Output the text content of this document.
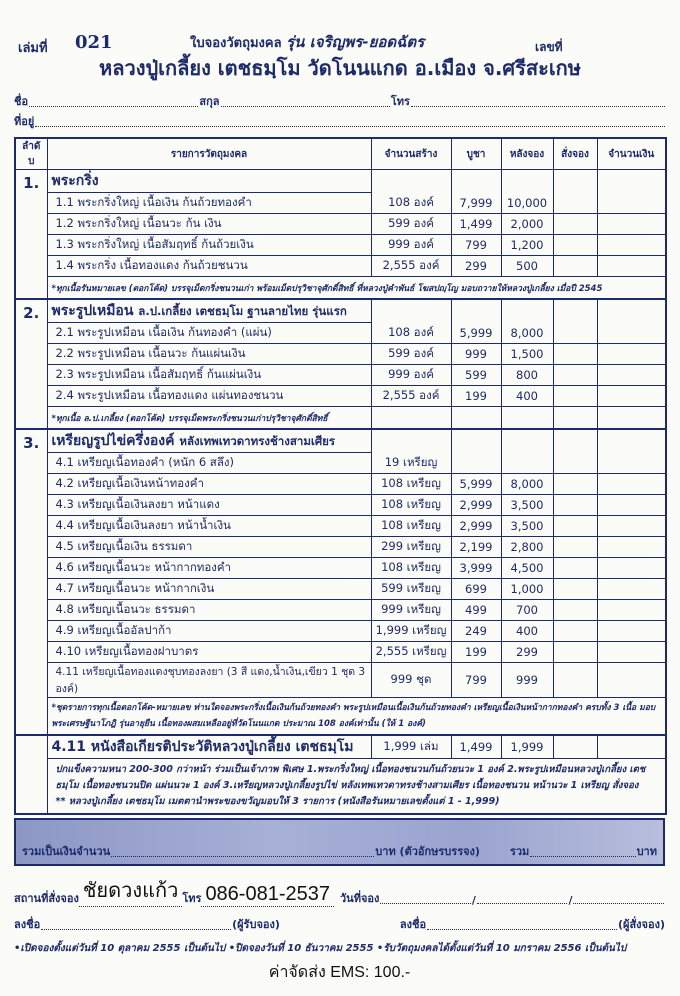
เล่มที่ 021	ใบจองวัตถุมงคล รุ่น เจริญพร-ยอดฉัตร	เลขที่
หลวงปู่เกลี้ยง เตชธมฺโม วัดโนนแกด อ.เมือง จ.ศรีสะเกษ
ชื่อ	สกุล	โทร
ที่อยู่
ลำดับ	รายการวัตถุมงคล	จำนวนสร้าง	บูชา	หลังจอง	สั่งจอง	จำนวนเงิน
1.	พระกริ่ง					
	1.1 พระกริ่งใหญ่ เนื้อเงิน ก้นถ้วยทองคำ	108 องค์	7,999	10,000		
	1.2 พระกริ่งใหญ่ เนื้อนวะ ก้น เงิน	599 องค์	1,499	2,000		
	1.3 พระกริ่งใหญ่ เนื้อสัมฤทธิ์ ก้นถ้วยเงิน	999 องค์	799	1,200		
	1.4 พระกริ่ง เนื้อทองแดง ก้นถ้วยชนวน	2,555 องค์	299	500		
	*ทุกเนื้อรันหมายเลข (ตอกโค้ด) บรรจุเม็ดกริ่งชนวนเก่า พร้อมเม็ดปรุวิชาจุศักดิ์สิทธิ์ ที่หลวงปู่คำพันธ์ โฆสปญฺโญ มอบถวายให้หลวงปู่เกลี้ยง เมื่อปี 2545					
2.	พระรูปเหมือน ล.ป.เกลี้ยง เตชธมฺโม ฐานลายไทย รุ่นแรก					
	2.1 พระรูปเหมือน เนื้อเงิน ก้นทองคำ (แผ่น)	108 องค์	5,999	8,000		
	2.2 พระรูปเหมือน เนื้อนวะ ก้นแผ่นเงิน	599 องค์	999	1,500		
	2.3 พระรูปเหมือน เนื้อสัมฤทธิ์ ก้นแผ่นเงิน	999 องค์	599	800		
	2.4 พระรูปเหมือน เนื้อทองแดง แผ่นทองชนวน	2,555 องค์	199	400		
	*ทุกเนื้อ ล.ป.เกลี้ยง (ตอกโค้ด) บรรจุเม็ดพระกริ่งชนวนเก่าปรุวิชาจุศักดิ์สิทธิ์					
3.	เหรียญรูปไข่ครึ่งองค์ หลังเทพเทวดาทรงช้างสามเศียร					
	4.1 เหรียญเนื้อทองคำ (หนัก 6 สลึง)	19 เหรียญ				
	4.2 เหรียญเนื้อเงินหน้าทองคำ	108 เหรียญ	5,999	8,000		
	4.3 เหรียญเนื้อเงินลงยา หน้าแดง	108 เหรียญ	2,999	3,500		
	4.4 เหรียญเนื้อเงินลงยา หน้าน้ำเงิน	108 เหรียญ	2,999	3,500		
	4.5 เหรียญเนื้อเงิน ธรรมดา	299 เหรียญ	2,199	2,800		
	4.6 เหรียญเนื้อนวะ หน้ากากทองคำ	108 เหรียญ	3,999	4,500		
	4.7 เหรียญเนื้อนวะ หน้ากากเงิน	599 เหรียญ	699	1,000		
	4.8 เหรียญเนื้อนวะ ธรรมดา	999 เหรียญ	499	700		
	4.9 เหรียญเนื้ออัลปาก้า	1,999 เหรียญ	249	400		
	4.10 เหรียญเนื้อทองฝาบาตร	2,555 เหรียญ	199	299		
	4.11 เหรียญเนื้อทองแดงชุบทองลงยา (3 สี แดง,น้ำเงิน,เขียว 1 ชุด 3 องค์)	999 ชุด	799	999		
	*ชุดรายการทุกเนื้อตอกโค้ด-หมายเลข ท่านใดจองพระกริ่งเนื้อเงินก้นถ้วยทองคำ พระรูปเหมือนเนื้อเงินก้นถ้วยทองคำ เหรียญเนื้อเงินหน้ากากทองคำ ครบทั้ง 3 เนื้อ มอบพระเศรษฐีนาโภฎิ รุ่นอายุยืน เนื้อทองผสมเหลืออยู่ที่วัดโนนแกด ประมาณ 108 องค์เท่านั้น (ให้ 1 องค์)					
	4.11 หนังสือเกียรติประวัติหลวงปู่เกลี้ยง เตชธมฺโม	1,999 เล่ม	1,499	1,999		

	ปกแข็งความหนา 200-300 กว่าหน้า ร่วมเป็นเจ้าภาพ พิเศษ 1.พระกริ่งใหญ่ เนื้อทองชนวนก้นถ้วยนวะ 1 องค์ 2.พระรูปเหมือนหลวงปู่เกลี้ยง เตชธมฺโม เนื้อทองชนวนปิด แผ่นนวะ 1 องค์ 3.เหรียญหลวงปู่เกลี้ยงรูปไข่ หลังเทพเทวดาทรงช้างสามเศียร เนื้อทองชนวน หน้านวะ 1 เหรียญ สั่งจอง
** หลวงปู่เกลี้ยง เตชธมฺโม เมตตานำพระของขวัญมอบให้ 3 รายการ (หนังสือรันหมายเลขตั้งแต่ 1 - 1,999)					
รวมเป็นเงินจำนวน	บาท (ตัวอักษรบรรจง)	รวม	บาท
สถานที่สั่งจอง ชัยดวงแก้ว โทร 086-081-2537 วันที่จอง	/	/
ลงชื่อ	(ผู้รับจอง)	ลงชื่อ	(ผู้สั่งจอง)
•เปิดจองตั้งแต่วันที่ 10 ตุลาคม 2555 เป็นต้นไป •ปิดจองวันที่ 10 ธันวาคม 2555 •รับวัตถุมงคลได้ตั้งแต่วันที่ 10 มกราคม 2556 เป็นต้นไป
ค่าจัดส่ง EMS: 100.-
